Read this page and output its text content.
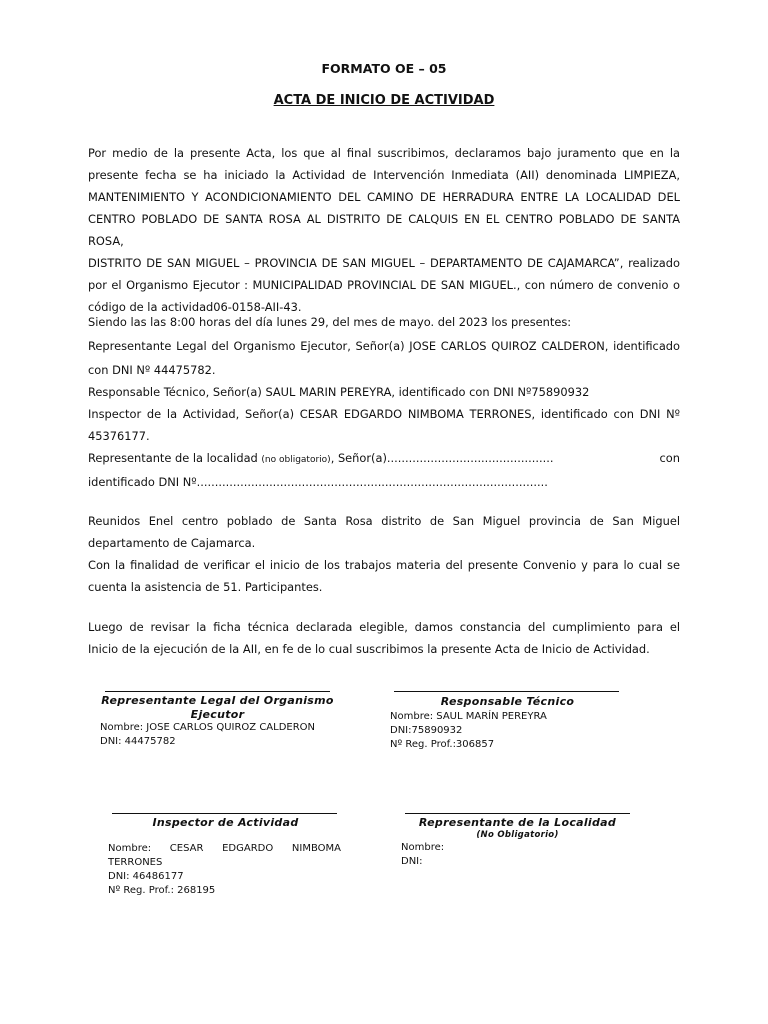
FORMATO OE – 05
ACTA DE INICIO DE ACTIVIDAD
Por medio de la presente Acta, los que al final suscribimos, declaramos bajo juramento que en la
presente fecha se ha iniciado la Actividad de Intervención Inmediata (AII) denominada LIMPIEZA,
MANTENIMIENTO Y ACONDICIONAMIENTO DEL CAMINO DE HERRADURA ENTRE LA LOCALIDAD DEL
CENTRO POBLADO DE SANTA ROSA AL DISTRITO DE CALQUIS EN EL CENTRO POBLADO DE SANTA ROSA,
DISTRITO DE SAN MIGUEL – PROVINCIA DE SAN MIGUEL – DEPARTAMENTO DE CAJAMARCA”, realizado
por el Organismo Ejecutor : MUNICIPALIDAD PROVINCIAL DE SAN MIGUEL., con número de convenio o
código de la actividad06-0158-AII-43.
Siendo las las 8:00 horas del día lunes 29, del mes de mayo. del 2023 los presentes:
Representante Legal del Organismo Ejecutor, Señor(a) JOSE CARLOS QUIROZ CALDERON, identificado
con DNI Nº 44475782.
Responsable Técnico, Señor(a) SAUL MARIN PEREYRA, identificado con DNI Nº75890932
Inspector de la Actividad, Señor(a) CESAR EDGARDO NIMBOMA TERRONES, identificado con DNI Nº
45376177.
Representante de la localidad (no obligatorio), Señor(a)..............................................	con
identificado DNI Nº.................................................................................................
Reunidos Enel centro poblado de Santa Rosa distrito de San Miguel provincia de San Miguel
departamento de Cajamarca.
Con la finalidad de verificar el inicio de los trabajos materia del presente Convenio y para lo cual se
cuenta la asistencia de 51. Participantes.
Luego de revisar la ficha técnica declarada elegible, damos constancia del cumplimiento para el
Inicio de la ejecución de la AII, en fe de lo cual suscribimos la presente Acta de Inicio de Actividad.
Representante Legal del Organismo
Ejecutor
Nombre: JOSE CARLOS QUIROZ CALDERON
DNI: 44475782
Responsable Técnico
Nombre: SAUL MARÍN PEREYRA
DNI:75890932
Nº Reg. Prof.:306857
Inspector de Actividad
Nombre: CESAR EDGARDO NIMBOMA
TERRONES
DNI: 46486177
Nº Reg. Prof.: 268195
Representante de la Localidad
(No Obligatorio)
Nombre:
DNI:
